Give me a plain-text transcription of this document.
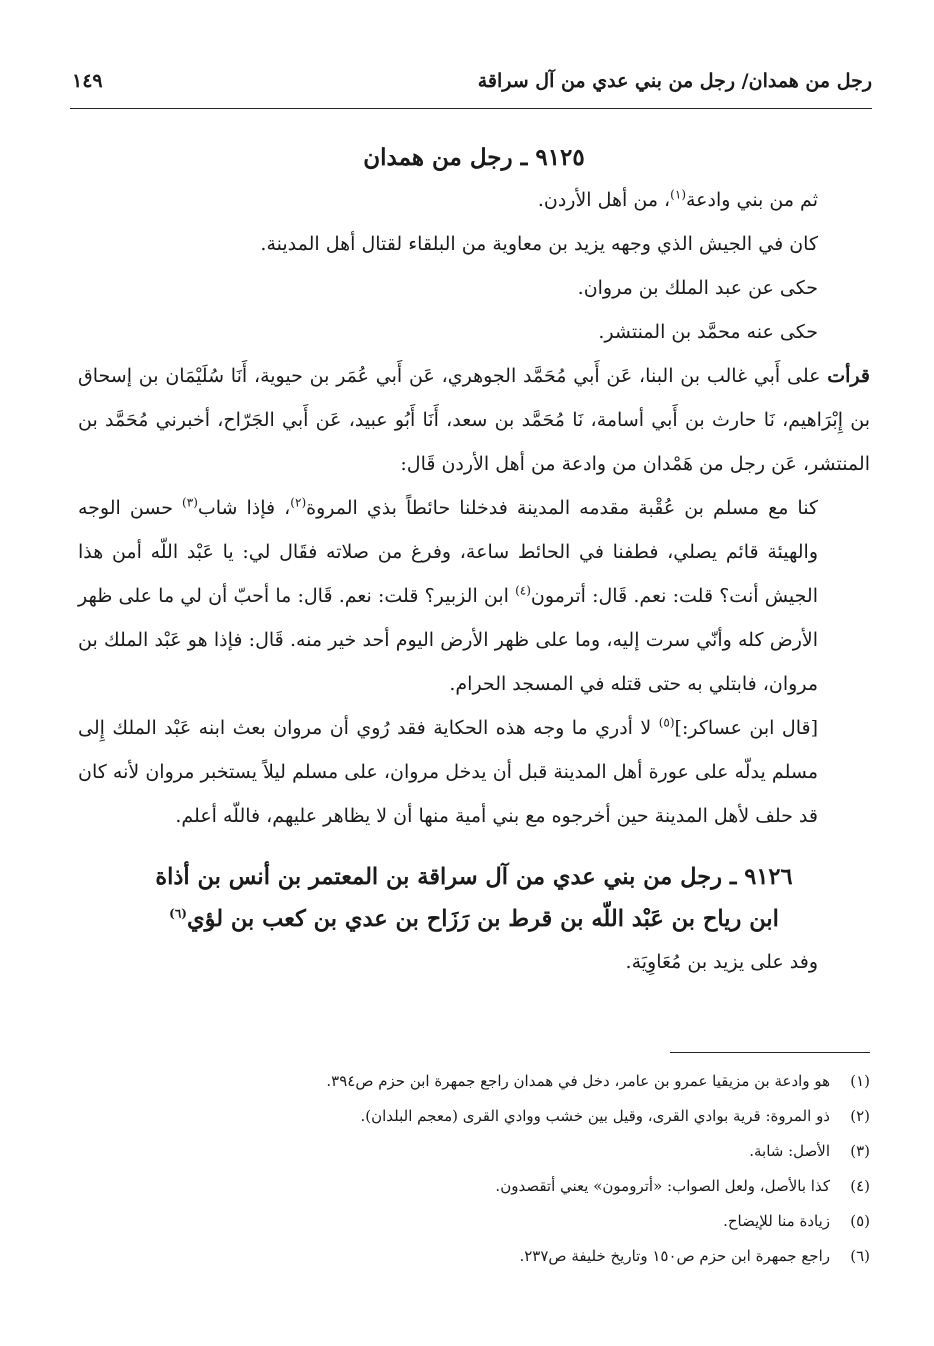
رجل من همدان/ رجل من بني عدي من آل سراقة
١٤٩
٩١٢٥ ـ رجل من همدان

ثم من بني وادعة$^{(١)}$، من أهل الأردن.

كان في الجيش الذي وجهه يزيد بن معاوية من البلقاء لقتال أهل المدينة.

حكى عن عبد الملك بن مروان.

حكى عنه محمَّد بن المنتشر.

قرأت على أَبي غالب بن البنا، عَن أَبي مُحَمَّد الجوهري، عَن أَبي عُمَر بن حيوية، أَنَا سُلَيْمَان بن إسحاق بن إِبْرَاهيم، نَا حارث بن أَبي أسامة، نَا مُحَمَّد بن سعد، أَنَا أَبُو عبيد، عَن أَبي الجَرّاح، أخبرني مُحَمَّد بن المنتشر، عَن رجل من هَمْدان من وادعة من أهل الأردن قَال:

كنا مع مسلم بن عُقْبة مقدمه المدينة فدخلنا حائطاً بذي المروة$^{(٢)}$، فإذا شاب$^{(٣)}$ حسن الوجه والهيئة قائم يصلي، فطفنا في الحائط ساعة، وفرغ من صلاته فقَال لي: يا عَبْد اللّه أمن هذا الجيش أنت؟ قلت: نعم. قَال: أترمون$^{(٤)}$ ابن الزبير؟ قلت: نعم. قَال: ما أحبّ أن لي ما على ظهر الأرض كله وأنّي سرت إليه، وما على ظهر الأرض اليوم أحد خير منه. قَال: فإذا هو عَبْد الملك بن مروان، فابتلي به حتى قتله في المسجد الحرام.

[قال ابن عساكر:]$^{(٥)}$ لا أدري ما وجه هذه الحكاية فقد رُوي أن مروان بعث ابنه عَبْد الملك إِلى مسلم يدلّه على عورة أهل المدينة قبل أن يدخل مروان، على مسلم ليلاً يستخبر مروان لأنه كان قد حلف لأهل المدينة حين أخرجوه مع بني أمية منها أن لا يظاهر عليهم، فاللّه أعلم.

٩١٢٦ ـ رجل من بني عدي من آل سراقة بن المعتمر بن أنس بن أذاة
ابن رياح بن عَبْد اللّه بن قرط بن رَزَاح بن عدي بن كعب بن لؤي$^{(٦)}$

وفد على يزيد بن مُعَاوِيَة.

(١)هو وادعة بن مزيقيا عمرو بن عامر، دخل في همدان راجع جمهرة ابن حزم ص٣٩٤.
(٢)ذو المروة: قرية بوادي القرى، وقيل بين خشب ووادي القرى (معجم البلدان).
(٣)الأصل: شابة.
(٤)كذا بالأصل، ولعل الصواب: «أترومون» يعني أتقصدون.
(٥)زيادة منا للإيضاح.
(٦)راجع جمهرة ابن حزم ص١٥٠ وتاريخ خليفة ص٢٣٧.
